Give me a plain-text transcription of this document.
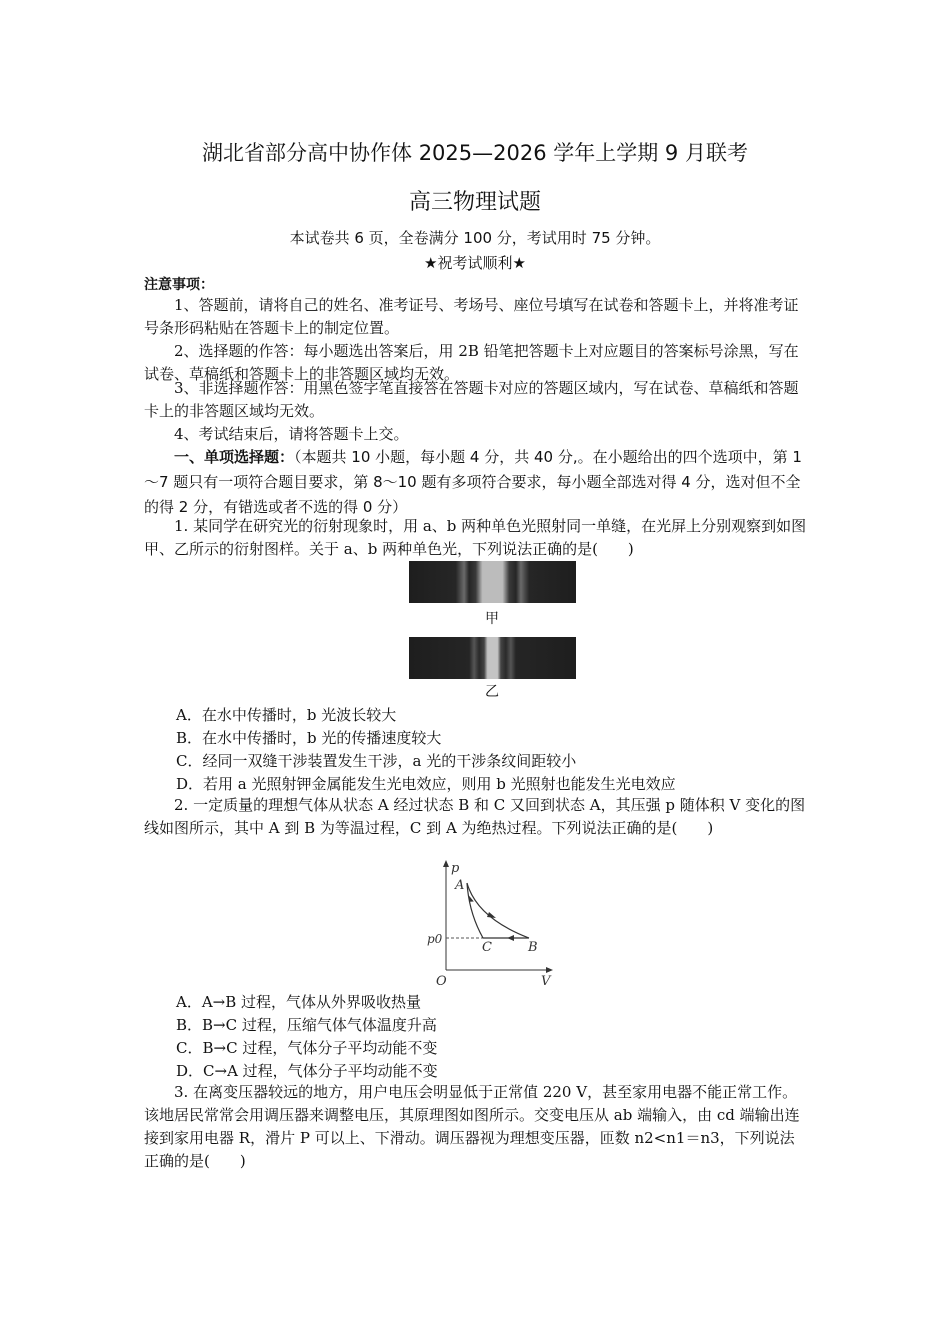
湖北省部分高中协作体 2025—2026 学年上学期 9 月联考
高三物理试题
本试卷共 6 页，全卷满分 100 分，考试用时 75 分钟。
★祝考试顺利★
注意事项：
1、答题前，请将自己的姓名、准考证号、考场号、座位号填写在试卷和答题卡上，并将准考证号条形码粘贴在答题卡上的制定位置。
2、选择题的作答：每小题选出答案后，用 2B 铅笔把答题卡上对应题目的答案标号涂黑，写在试卷、草稿纸和答题卡上的非答题区域均无效。
3、非选择题作答：用黑色签字笔直接答在答题卡对应的答题区域内，写在试卷、草稿纸和答题卡上的非答题区域均无效。
4、考试结束后，请将答题卡上交。
一、单项选择题：（本题共 10 小题，每小题 4 分，共 40 分,。在小题给出的四个选项中，第 1～7 题只有一项符合题目要求，第 8～10 题有多项符合要求，每小题全部选对得 4 分，选对但不全的得 2 分，有错选或者不选的得 0 分）
1. 某同学在研究光的衍射现象时，用 a、b 两种单色光照射同一单缝，在光屏上分别观察到如图甲、乙所示的衍射图样。关于 a、b 两种单色光，下列说法正确的是(　　)
甲
乙
A．在水中传播时，b 光波长较大
B．在水中传播时，b 光的传播速度较大
C．经同一双缝干涉装置发生干涉，a 光的干涉条纹间距较小
D．若用 a 光照射钾金属能发生光电效应，则用 b 光照射也能发生光电效应
2. 一定质量的理想气体从状态 A 经过状态 B 和 C 又回到状态 A，其压强 p 随体积 V 变化的图线如图所示，其中 A 到 B 为等温过程，C 到 A 为绝热过程。下列说法正确的是(　　)
p
V
O
p0
A
B
C
A．A→B 过程，气体从外界吸收热量
B．B→C 过程，压缩气体气体温度升高
C．B→C 过程，气体分子平均动能不变
D．C→A 过程，气体分子平均动能不变
3. 在离变压器较远的地方，用户电压会明显低于正常值 220 V，甚至家用电器不能正常工作。该地居民常常会用调压器来调整电压，其原理图如图所示。交变电压从 ab 端输入，由 cd 端输出连接到家用电器 R，滑片 P 可以上、下滑动。调压器视为理想变压器，匝数 n2<n1＝n3，下列说法正确的是(　　)
